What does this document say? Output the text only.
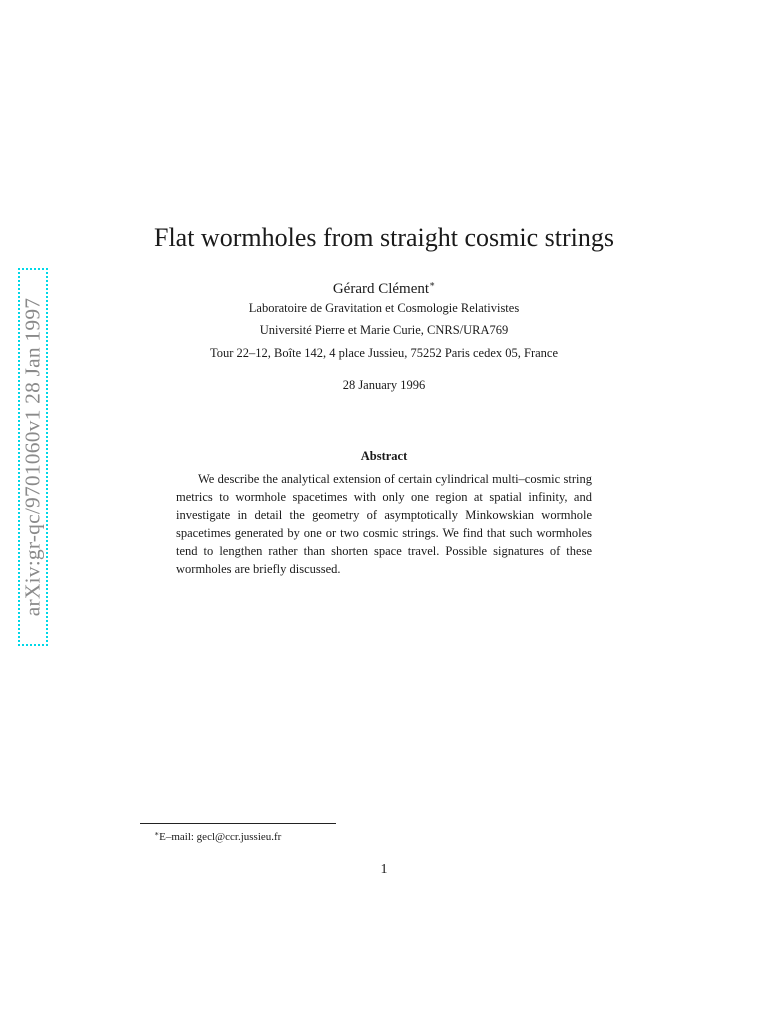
arXiv:gr-qc/9701060v1 28 Jan 1997
Flat wormholes from straight cosmic strings
Gérard Clément∗
Laboratoire de Gravitation et Cosmologie Relativistes
Université Pierre et Marie Curie, CNRS/URA769
Tour 22–12, Boîte 142, 4 place Jussieu, 75252 Paris cedex 05, France
28 January 1996
Abstract

We describe the analytical extension of certain cylindrical multi–cosmic string metrics to wormhole spacetimes with only one region at spatial infinity, and investigate in detail the geometry of asymptotically Minkowskian wormhole spacetimes generated by one or two cosmic strings. We find that such wormholes tend to lengthen rather than shorten space travel. Possible signatures of these wormholes are briefly discussed.

∗E–mail: gecl@ccr.jussieu.fr
1
